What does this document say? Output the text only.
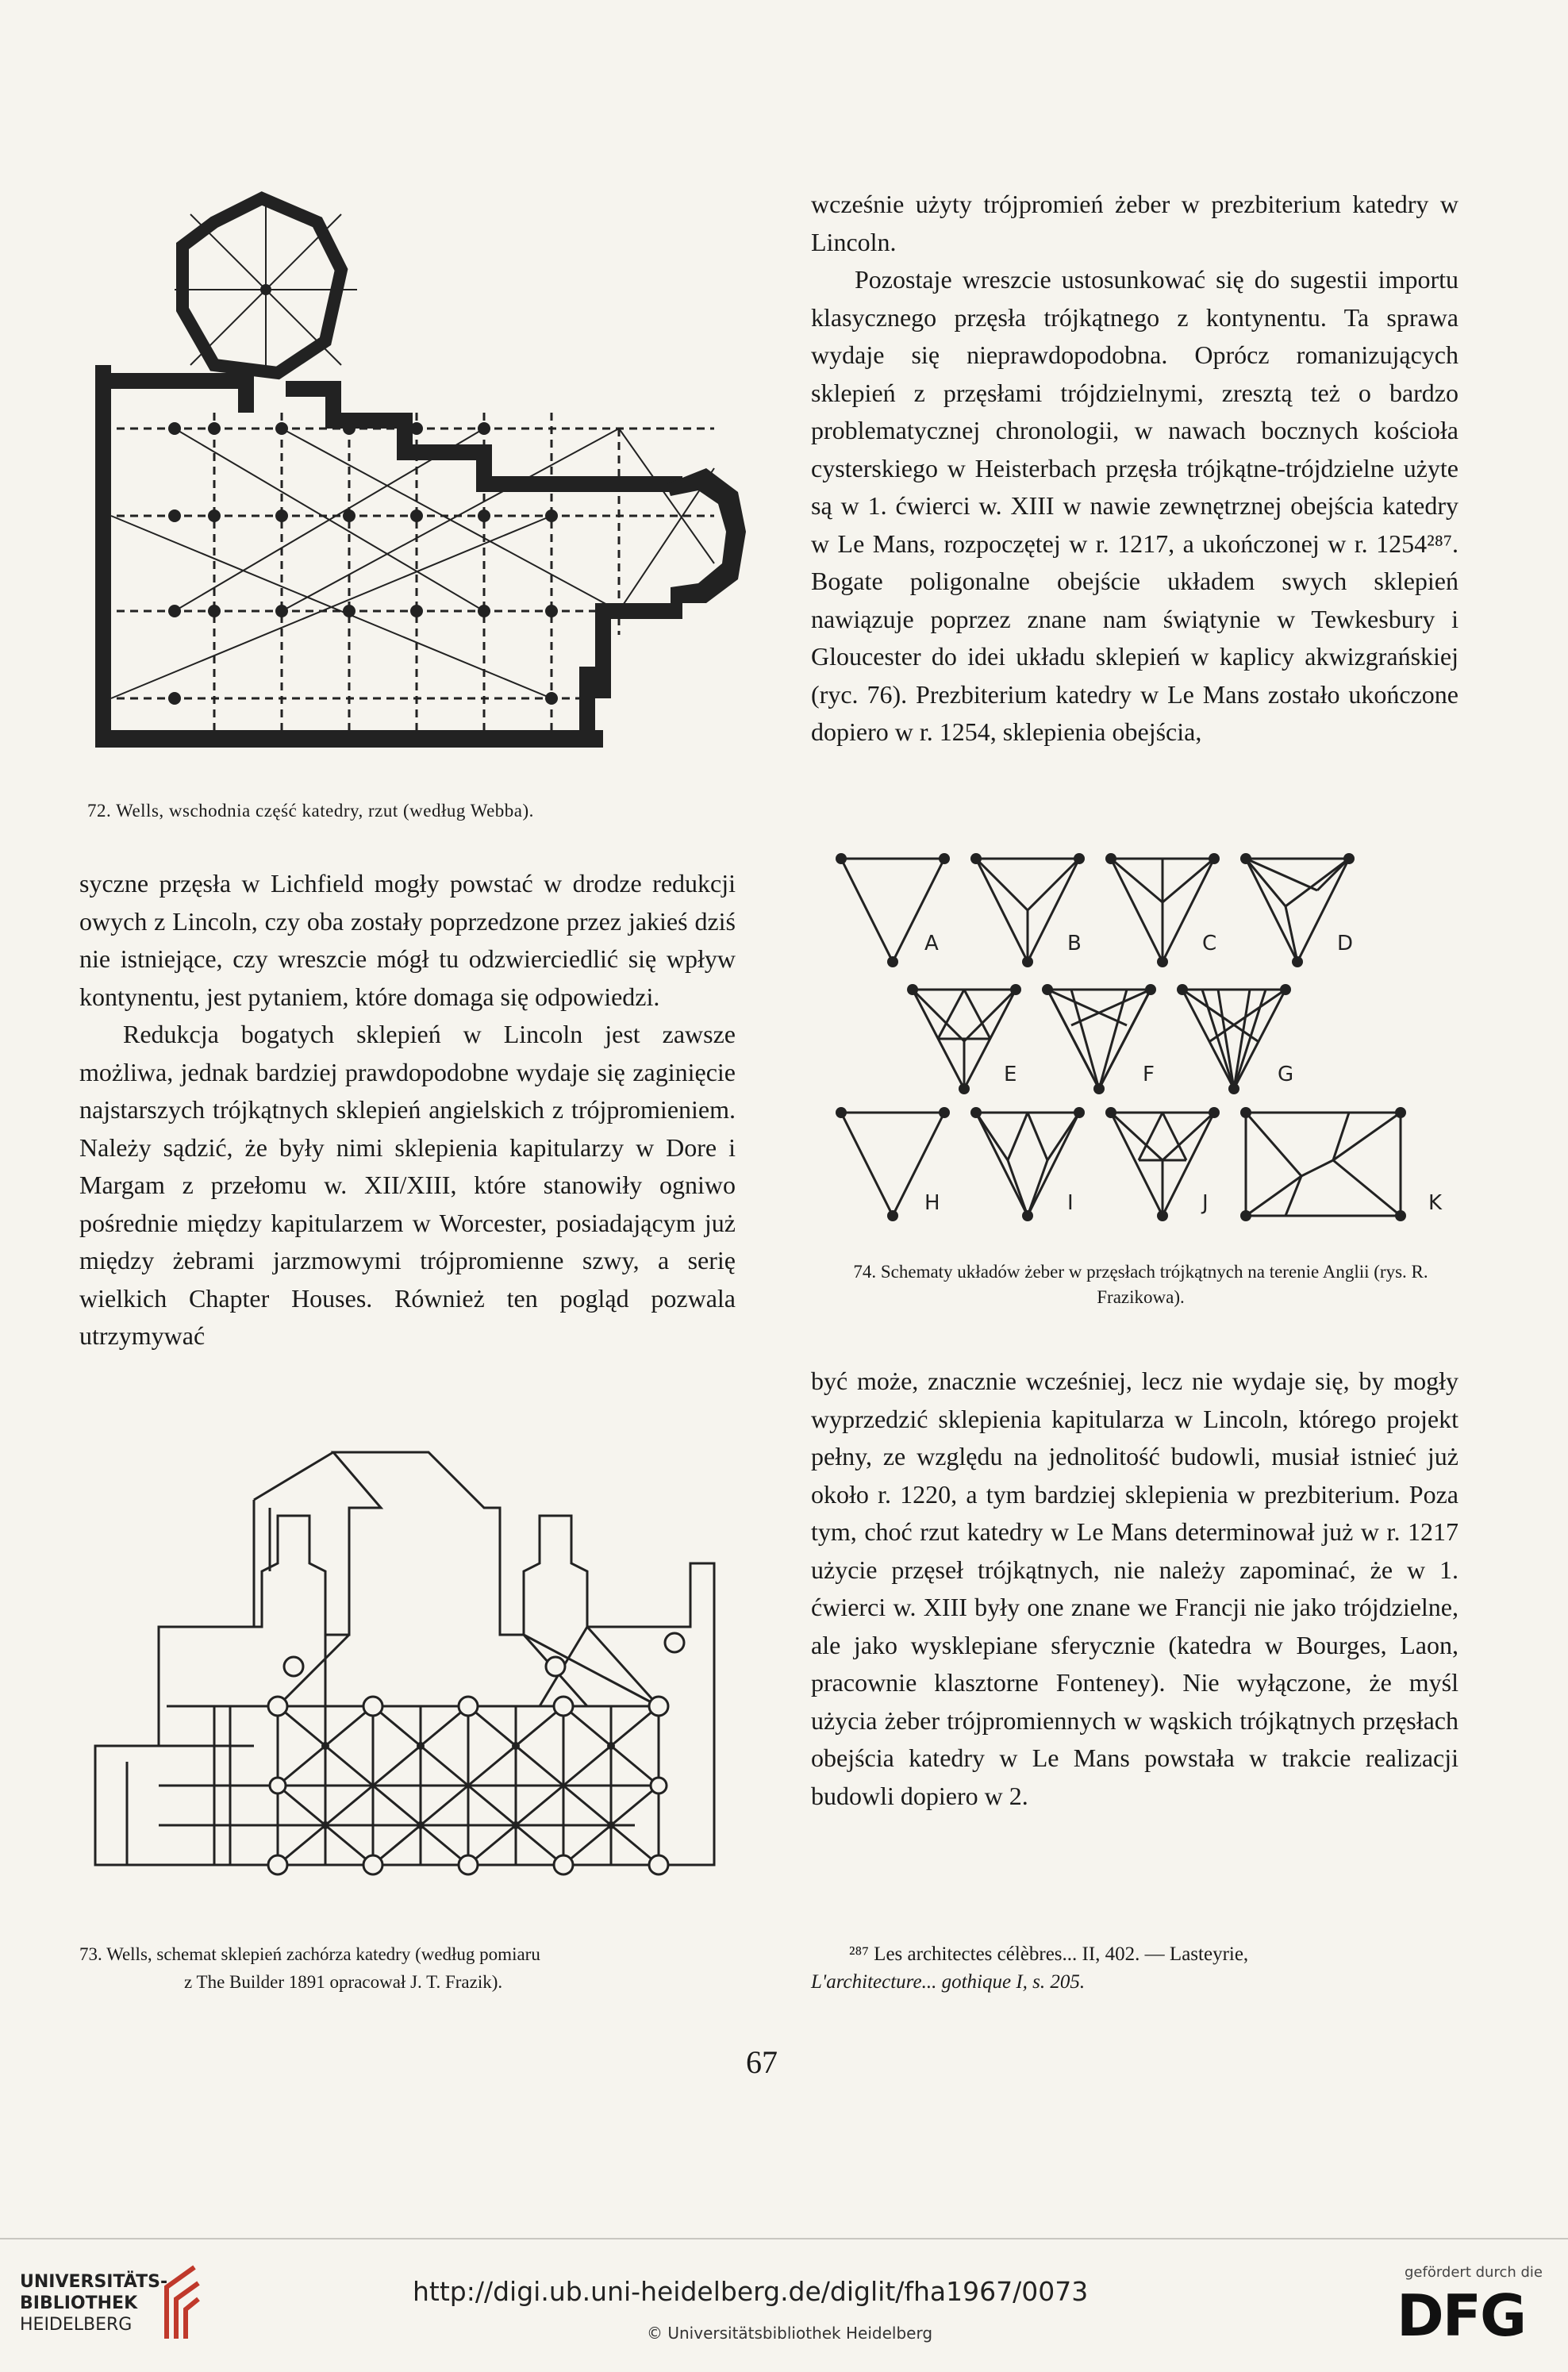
72. Wells, wschodnia część katedry, rzut (według Webba).

wcześnie użyty trójpromień żeber w prezbiterium katedry w Lincoln.

Pozostaje wreszcie ustosunkować się do sugestii importu klasycznego przęsła trójkątnego z kontynentu. Ta sprawa wydaje się nieprawdopodobna. Oprócz romanizujących sklepień z przęsłami trójdzielnymi, zresztą też o bardzo problematycznej chronologii, w nawach bocznych kościoła cysterskiego w Heisterbach przęsła trójkątne-trójdzielne użyte są w 1. ćwierci w. XIII w nawie zewnętrznej obejścia katedry w Le Mans, rozpoczętej w r. 1217, a ukończonej w r. 1254²⁸⁷. Bogate poligonalne obejście układem swych sklepień nawiązuje poprzez znane nam świątynie w Tewkesbury i Gloucester do idei układu sklepień w kaplicy akwizgrańskiej (ryc. 76). Prezbiterium katedry w Le Mans zostało ukończone dopiero w r. 1254, sklepienia obejścia,

A	B	C	D
E	F	G
H	I	J	K
74. Schematy układów żeber w przęsłach trójkątnych na terenie Anglii (rys. R. Frazikowa).

syczne przęsła w Lichfield mogły powstać w drodze redukcji owych z Lincoln, czy oba zostały poprzedzone przez jakieś dziś nie istniejące, czy wreszcie mógł tu odzwierciedlić się wpływ kontynentu, jest pytaniem, które domaga się odpowiedzi.

Redukcja bogatych sklepień w Lincoln jest zawsze możliwa, jednak bardziej prawdopodobne wydaje się zaginięcie najstarszych trójkątnych sklepień angielskich z trójpromieniem. Należy sądzić, że były nimi sklepienia kapitularzy w Dore i Margam z przełomu w. XII/XIII, które stanowiły ogniwo pośrednie między kapitularzem w Worcester, posiadającym już między żebrami jarzmowymi trójpromienne szwy, a serię wielkich Chapter Houses. Również ten pogląd pozwala utrzymywać

być może, znacznie wcześniej, lecz nie wydaje się, by mogły wyprzedzić sklepienia kapitularza w Lincoln, którego projekt pełny, ze względu na jednolitość budowli, musiał istnieć już około r. 1220, a tym bardziej sklepienia w prezbiterium. Poza tym, choć rzut katedry w Le Mans determinował już w r. 1217 użycie przęseł trójkątnych, nie należy zapominać, że w 1. ćwierci w. XIII były one znane we Francji nie jako trójdzielne, ale jako wysklepiane sferycznie (katedra w Bourges, Laon, pracownie klasztorne Fonteney). Nie wyłączone, że myśl użycia żeber trójpromiennych w wąskich trójkątnych przęsłach obejścia katedry w Le Mans powstała w trakcie realizacji budowli dopiero w 2.

73. Wells, schemat sklepień zachórza katedry (według pomiaru
z The Builder 1891 opracował J. T. Frazik).
²⁸⁷ Les architectes célèbres... II, 402. — Lasteyrie,
L'architecture... gothique I, s. 205.
67
UNIVERSITÄTS-
BIBLIOTHEK
HEIDELBERG
http://digi.ub.uni-heidelberg.de/diglit/fha1967/0073
© Universitätsbibliothek Heidelberg
gefördert durch die
DFG
